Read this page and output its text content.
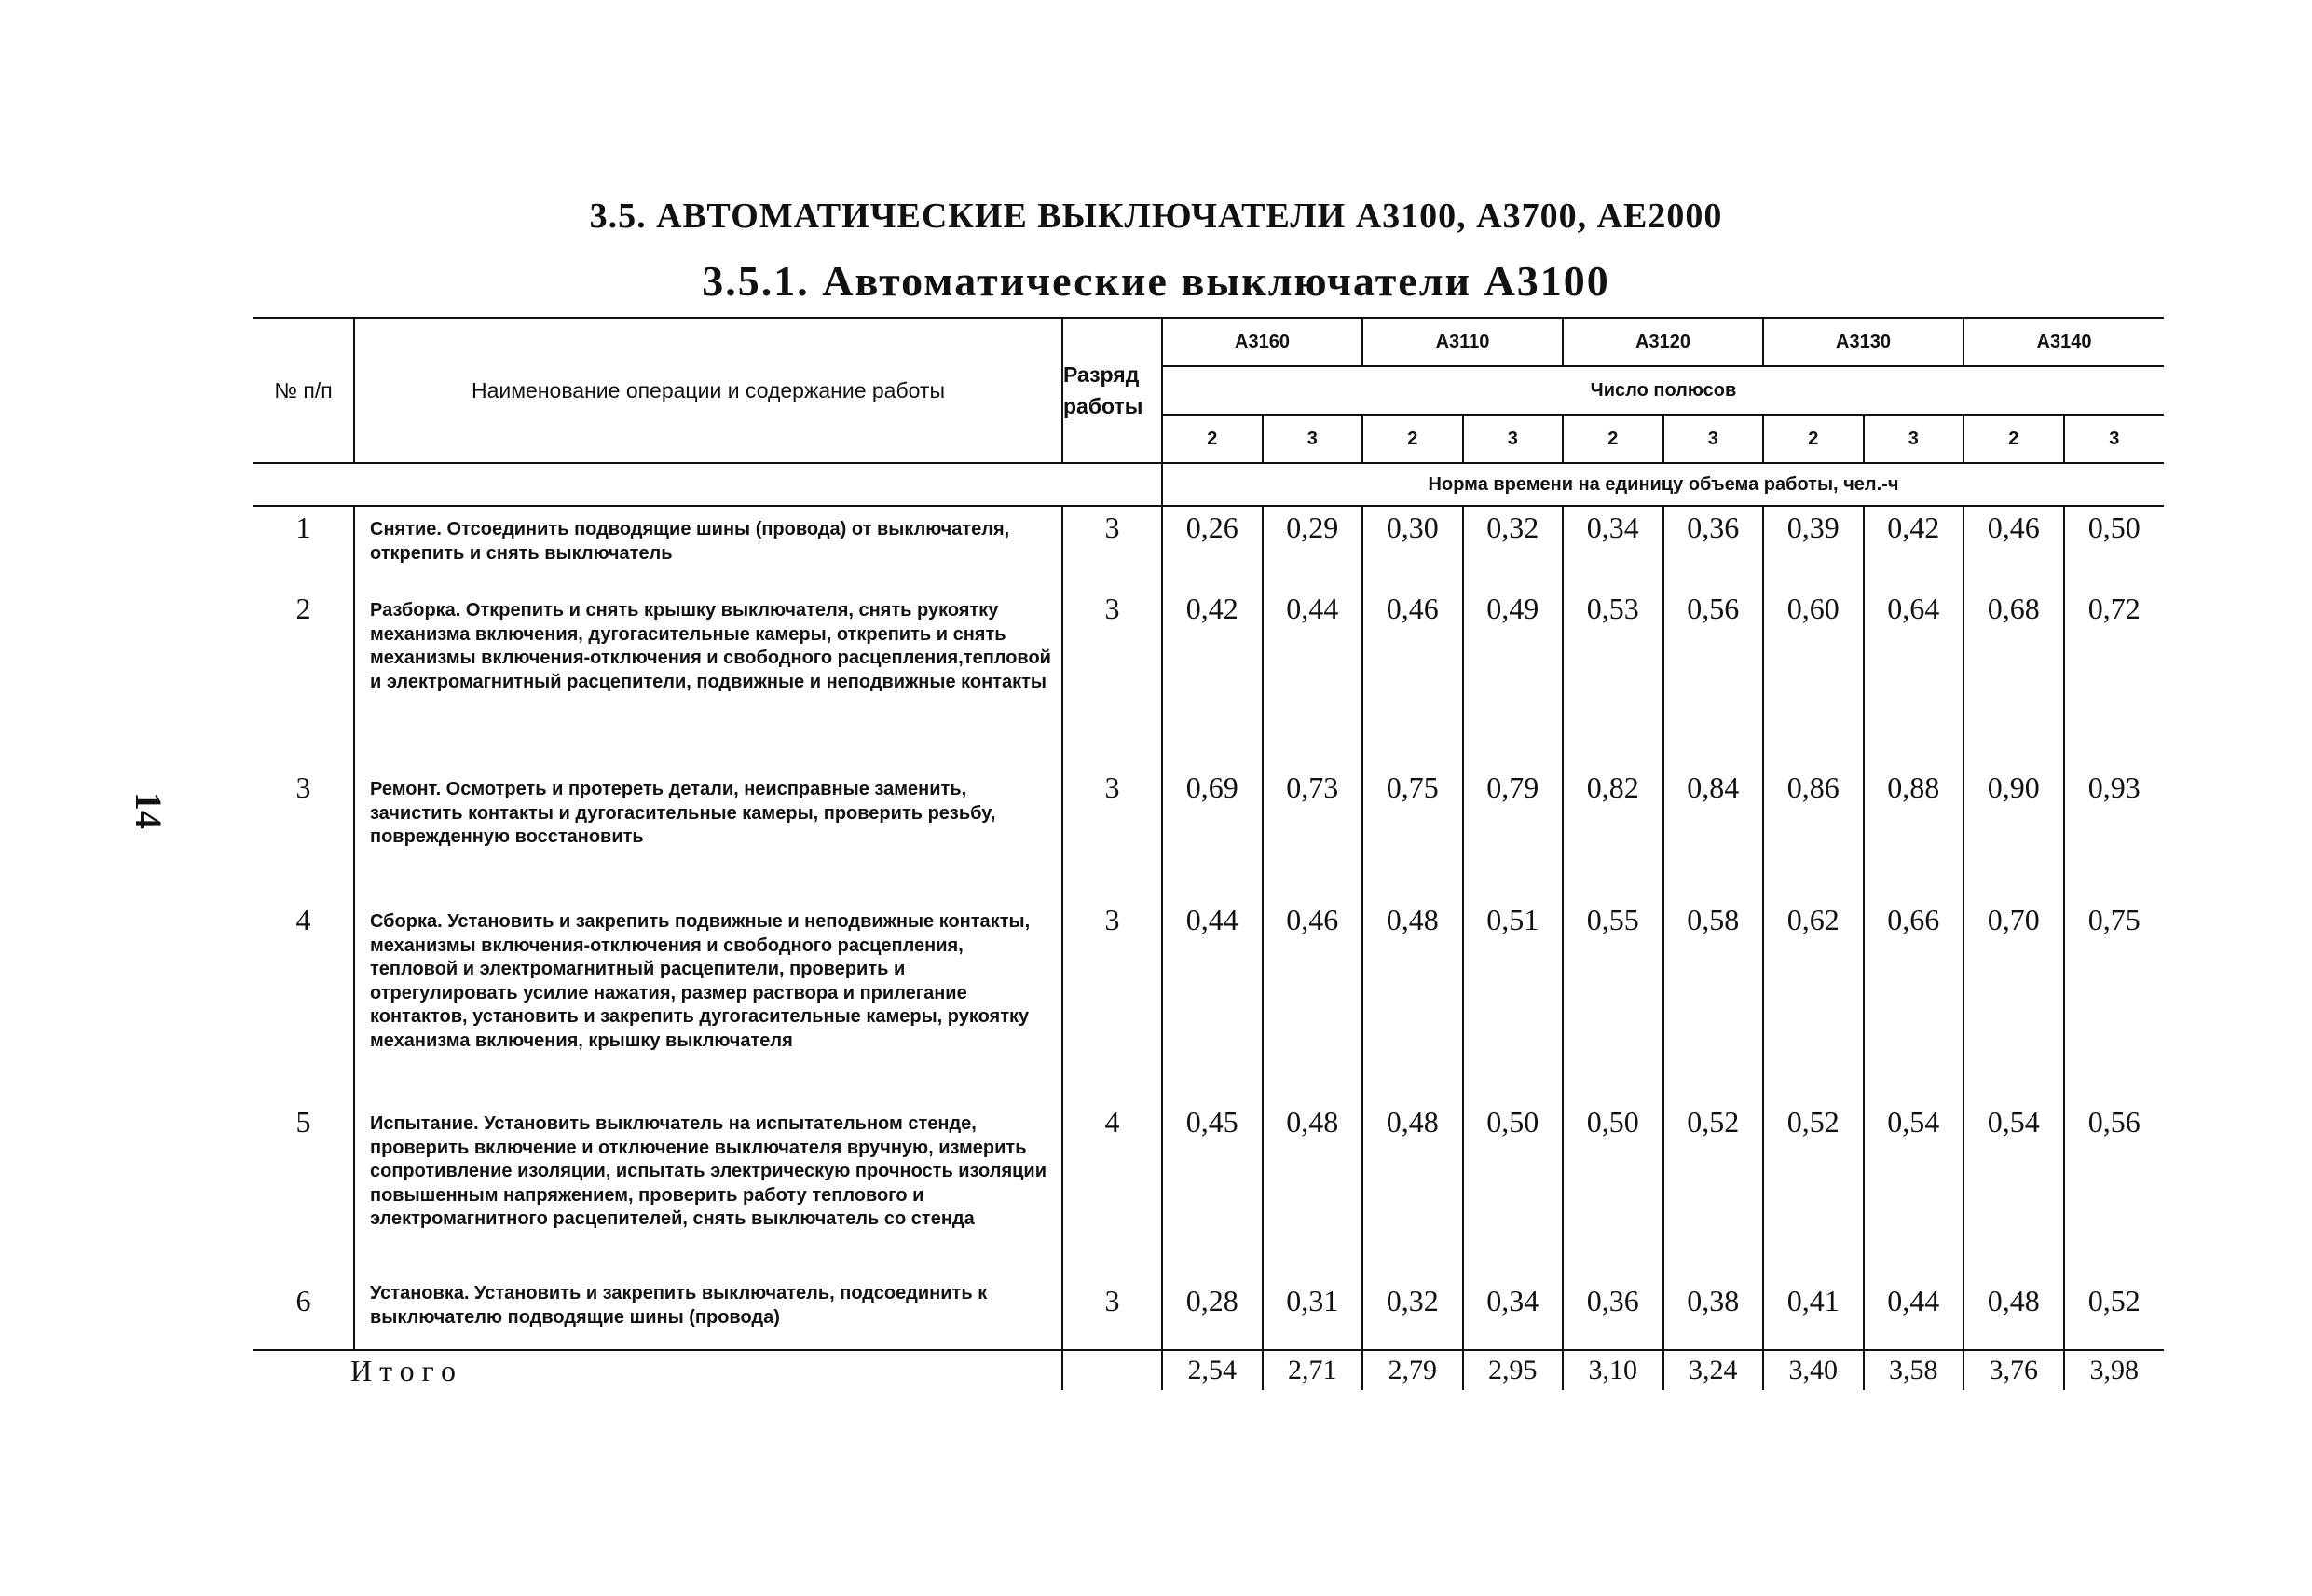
14
3.5. АВТОМАТИЧЕСКИЕ ВЫКЛЮЧАТЕЛИ А3100, А3700, АЕ2000
3.5.1. Автоматические выключатели А3100
№ п/п	Наименование операции и содержание работы	Разряд работы	А3160		А3110		А3120		А3130		А3140	
			Число полюсов									
			2	3	2	3	2	3	2	3	2	3
			Норма времени на единицу объема работы, чел.-ч									
1	Снятие. Отсоединить подводящие шины (провода) от выключателя, открепить и снять выключатель	3	0,26	0,29	0,30	0,32	0,34	0,36	0,39	0,42	0,46	0,50
2	Разборка. Открепить и снять крышку выключателя, снять рукоятку механизма включения, дугогасительные камеры, открепить и снять механизмы включения-отключения и свободного расцепления,тепловой и электромагнитный расцепители, подвижные и неподвижные контакты	3	0,42	0,44	0,46	0,49	0,53	0,56	0,60	0,64	0,68	0,72
3	Ремонт. Осмотреть и протереть детали, неисправные заменить, зачистить контакты и дугогасительные камеры, проверить резьбу, поврежденную восстановить	3	0,69	0,73	0,75	0,79	0,82	0,84	0,86	0,88	0,90	0,93
4	Сборка. Установить и закрепить подвижные и неподвижные контакты, механизмы включения-отключения и свободного расцепления, тепловой и электромагнитный расцепители, проверить и отрегулировать усилие нажатия, размер раствора и прилегание контактов, установить и закрепить дугогасительные камеры, рукоятку механизма включения, крышку выключателя	3	0,44	0,46	0,48	0,51	0,55	0,58	0,62	0,66	0,70	0,75
5	Испытание. Установить выключатель на испытательном стенде, проверить включение и отключение выключателя вручную, измерить сопротивление изоляции, испытать электрическую прочность изоляции повышенным напряжением, проверить работу теплового и электромагнитного расцепителей, снять выключатель со стенда	4	0,45	0,48	0,48	0,50	0,50	0,52	0,52	0,54	0,54	0,56
6	Установка. Установить и закрепить выключатель, подсоединить к выключателю подводящие шины (провода)	3	0,28	0,31	0,32	0,34	0,36	0,38	0,41	0,44	0,48	0,52
Итого			2,54	2,71	2,79	2,95	3,10	3,24	3,40	3,58	3,76	3,98
